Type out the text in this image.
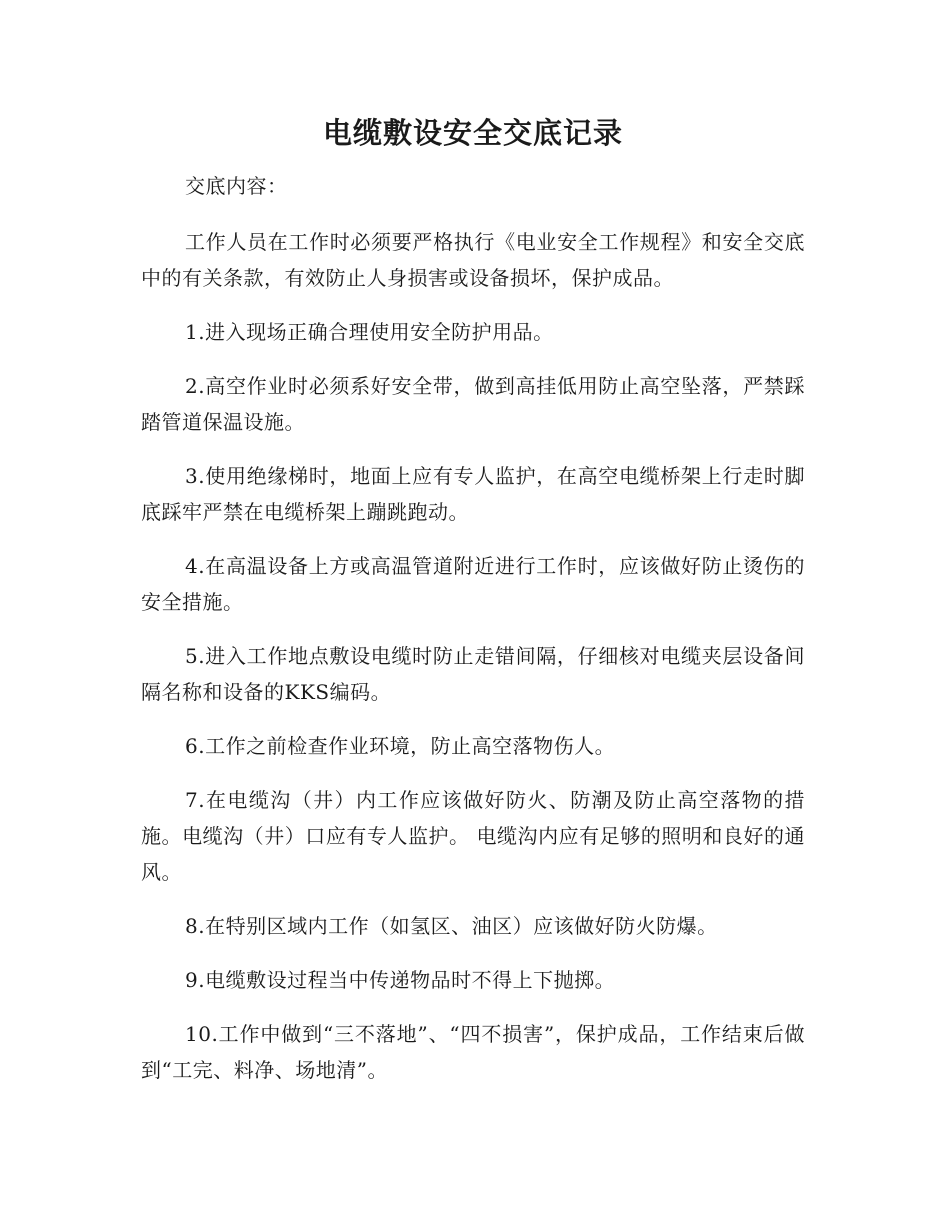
电缆敷设安全交底记录

交底内容：

工作人员在工作时必须要严格执行《电业安全工作规程》和安全交底中的有关条款，有效防止人身损害或设备损坏，保护成品。

1.进入现场正确合理使用安全防护用品。

2.高空作业时必须系好安全带，做到高挂低用防止高空坠落，严禁踩踏管道保温设施。

3.使用绝缘梯时，地面上应有专人监护，在高空电缆桥架上行走时脚底踩牢严禁在电缆桥架上蹦跳跑动。

4.在高温设备上方或高温管道附近进行工作时，应该做好防止烫伤的安全措施。

5.进入工作地点敷设电缆时防止走错间隔，仔细核对电缆夹层设备间隔名称和设备的KKS编码。

6.工作之前检查作业环境，防止高空落物伤人。

7.在电缆沟（井）内工作应该做好防火、防潮及防止高空落物的措施。电缆沟（井）口应有专人监护。 电缆沟内应有足够的照明和良好的通风。

8.在特别区域内工作（如氢区、油区）应该做好防火防爆。

9.电缆敷设过程当中传递物品时不得上下抛掷。

10.工作中做到“三不落地”、“四不损害”，保护成品，工作结束后做到“工完、料净、场地清”。
